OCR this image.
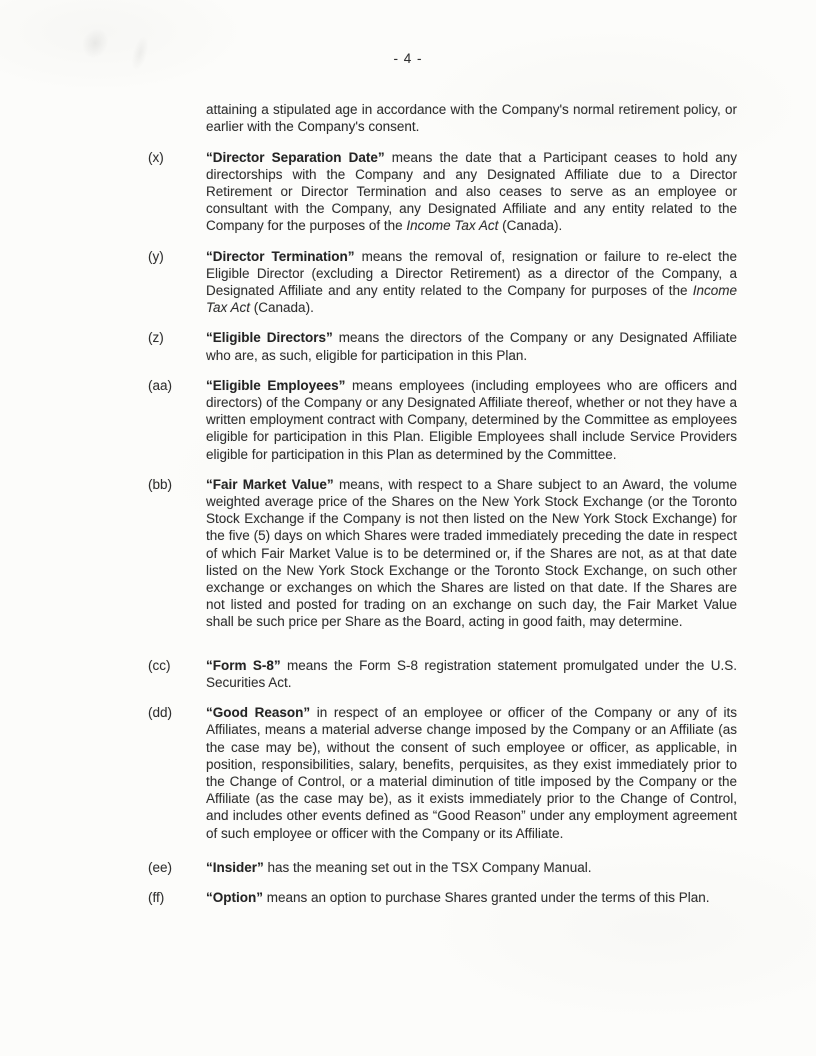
- 4 -

attaining a stipulated age in accordance with the Company's normal retirement policy, or earlier with the Company's consent.

(x)	“Director Separation Date” means the date that a Participant ceases to hold any directorships with the Company and any Designated Affiliate due to a Director Retirement or Director Termination and also ceases to serve as an employee or consultant with the Company, any Designated Affiliate and any entity related to the Company for the purposes of the Income Tax Act (Canada).

(y)	“Director Termination” means the removal of, resignation or failure to re-elect the Eligible Director (excluding a Director Retirement) as a director of the Company, a Designated Affiliate and any entity related to the Company for purposes of the Income Tax Act (Canada).

(z)	“Eligible Directors” means the directors of the Company or any Designated Affiliate who are, as such, eligible for participation in this Plan.

(aa)	“Eligible Employees” means employees (including employees who are officers and directors) of the Company or any Designated Affiliate thereof, whether or not they have a written employment contract with Company, determined by the Committee as employees eligible for participation in this Plan. Eligible Employees shall include Service Providers eligible for participation in this Plan as determined by the Committee.

(bb)	“Fair Market Value” means, with respect to a Share subject to an Award, the volume weighted average price of the Shares on the New York Stock Exchange (or the Toronto Stock Exchange if the Company is not then listed on the New York Stock Exchange) for the five (5) days on which Shares were traded immediately preceding the date in respect of which Fair Market Value is to be determined or, if the Shares are not, as at that date listed on the New York Stock Exchange or the Toronto Stock Exchange, on such other exchange or exchanges on which the Shares are listed on that date. If the Shares are not listed and posted for trading on an exchange on such day, the Fair Market Value shall be such price per Share as the Board, acting in good faith, may determine.

(cc)	“Form S-8” means the Form S-8 registration statement promulgated under the U.S. Securities Act.

(dd)	“Good Reason” in respect of an employee or officer of the Company or any of its Affiliates, means a material adverse change imposed by the Company or an Affiliate (as the case may be), without the consent of such employee or officer, as applicable, in position, responsibilities, salary, benefits, perquisites, as they exist immediately prior to the Change of Control, or a material diminution of title imposed by the Company or the Affiliate (as the case may be), as it exists immediately prior to the Change of Control, and includes other events defined as “Good Reason” under any employment agreement of such employee or officer with the Company or its Affiliate.

(ee)	“Insider” has the meaning set out in the TSX Company Manual.

(ff)	“Option” means an option to purchase Shares granted under the terms of this Plan.
